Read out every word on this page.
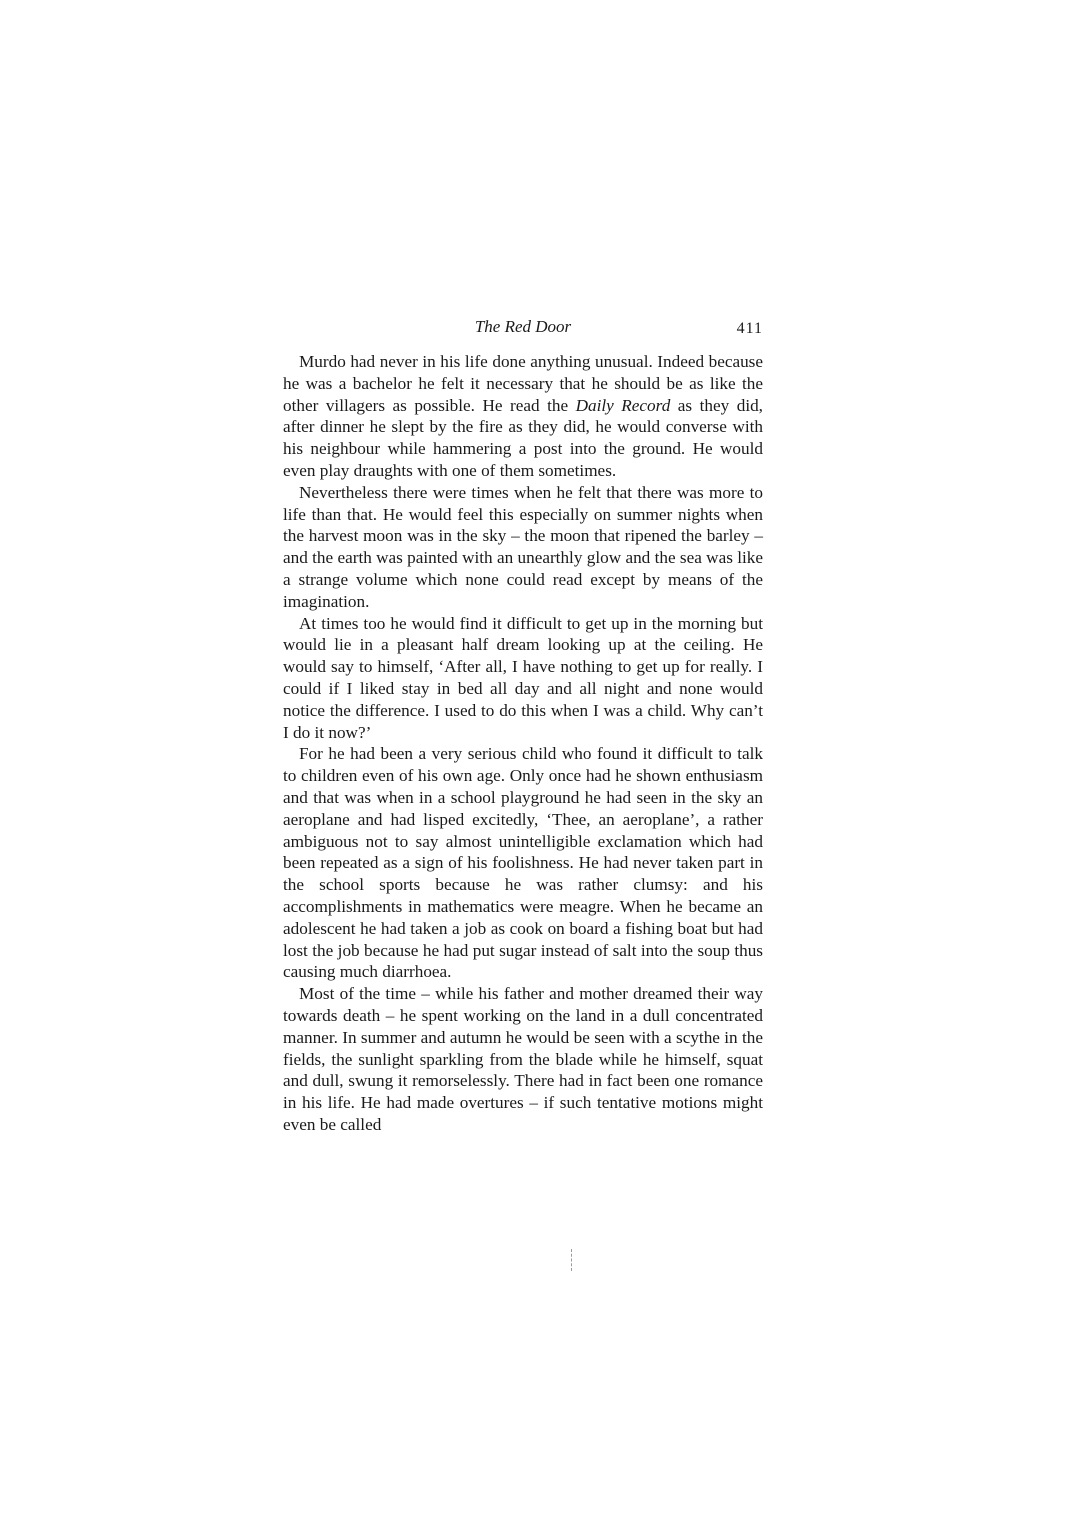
The Red Door	411

Murdo had never in his life done anything unusual. Indeed because he was a bachelor he felt it necessary that he should be as like the other villagers as possible. He read the Daily Record as they did, after dinner he slept by the fire as they did, he would converse with his neighbour while hammering a post into the ground. He would even play draughts with one of them sometimes.

Nevertheless there were times when he felt that there was more to life than that. He would feel this especially on summer nights when the harvest moon was in the sky – the moon that ripened the barley – and the earth was painted with an unearthly glow and the sea was like a strange volume which none could read except by means of the imagination.

At times too he would find it difficult to get up in the morning but would lie in a pleasant half dream looking up at the ceiling. He would say to himself, ‘After all, I have nothing to get up for really. I could if I liked stay in bed all day and all night and none would notice the difference. I used to do this when I was a child. Why can’t I do it now?’

For he had been a very serious child who found it difficult to talk to children even of his own age. Only once had he shown enthusiasm and that was when in a school playground he had seen in the sky an aeroplane and had lisped excitedly, ‘Thee, an aeroplane’, a rather ambiguous not to say almost unintelligible exclamation which had been repeated as a sign of his foolishness. He had never taken part in the school sports because he was rather clumsy: and his accomplishments in mathematics were meagre. When he became an adolescent he had taken a job as cook on board a fishing boat but had lost the job because he had put sugar instead of salt into the soup thus causing much diarrhoea.

Most of the time – while his father and mother dreamed their way towards death – he spent working on the land in a dull concentrated manner. In summer and autumn he would be seen with a scythe in the fields, the sunlight sparkling from the blade while he himself, squat and dull, swung it remorselessly. There had in fact been one romance in his life. He had made overtures – if such tentative motions might even be called
